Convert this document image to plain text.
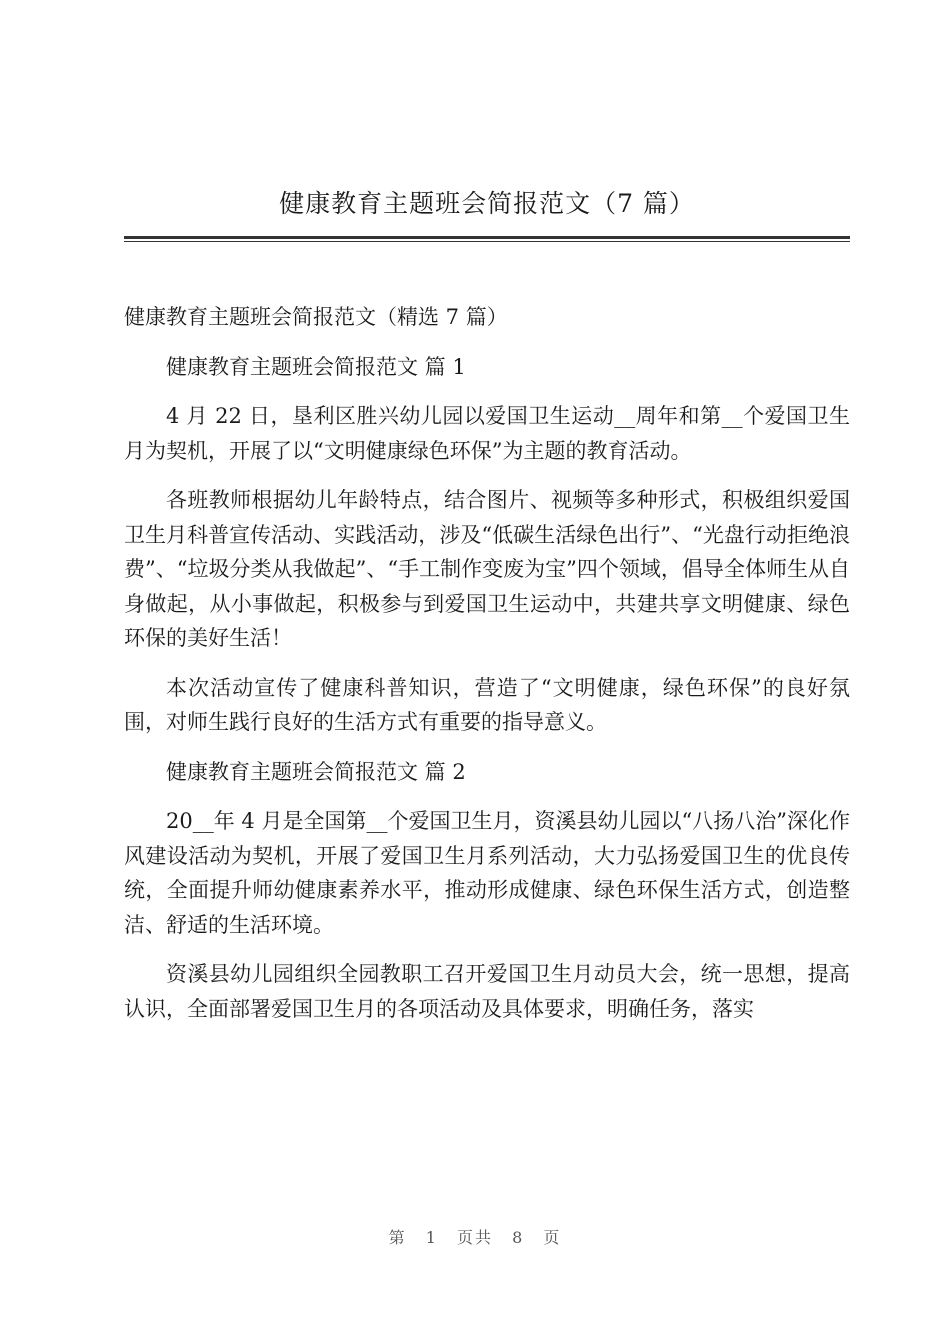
健康教育主题班会简报范文（7 篇）

健康教育主题班会简报范文（精选 7 篇）

健康教育主题班会简报范文 篇 1

4 月 22 日，垦利区胜兴幼儿园以爱国卫生运动__周年和第__个爱国卫生月为契机，开展了以“文明健康绿色环保”为主题的教育活动。

各班教师根据幼儿年龄特点，结合图片、视频等多种形式，积极组织爱国卫生月科普宣传活动、实践活动，涉及“低碳生活绿色出行”、“光盘行动拒绝浪费”、“垃圾分类从我做起”、“手工制作变废为宝”四个领域，倡导全体师生从自身做起，从小事做起，积极参与到爱国卫生运动中，共建共享文明健康、绿色环保的美好生活！

本次活动宣传了健康科普知识，营造了“文明健康，绿色环保”的良好氛围，对师生践行良好的生活方式有重要的指导意义。

健康教育主题班会简报范文 篇 2

20__年 4 月是全国第__个爱国卫生月，资溪县幼儿园以“八扬八治”深化作风建设活动为契机，开展了爱国卫生月系列活动，大力弘扬爱国卫生的优良传统，全面提升师幼健康素养水平，推动形成健康、绿色环保生活方式，创造整洁、舒适的生活环境。

资溪县幼儿园组织全园教职工召开爱国卫生月动员大会，统一思想，提高认识，全面部署爱国卫生月的各项活动及具体要求，明确任务，落实

第 1 页共 8 页
